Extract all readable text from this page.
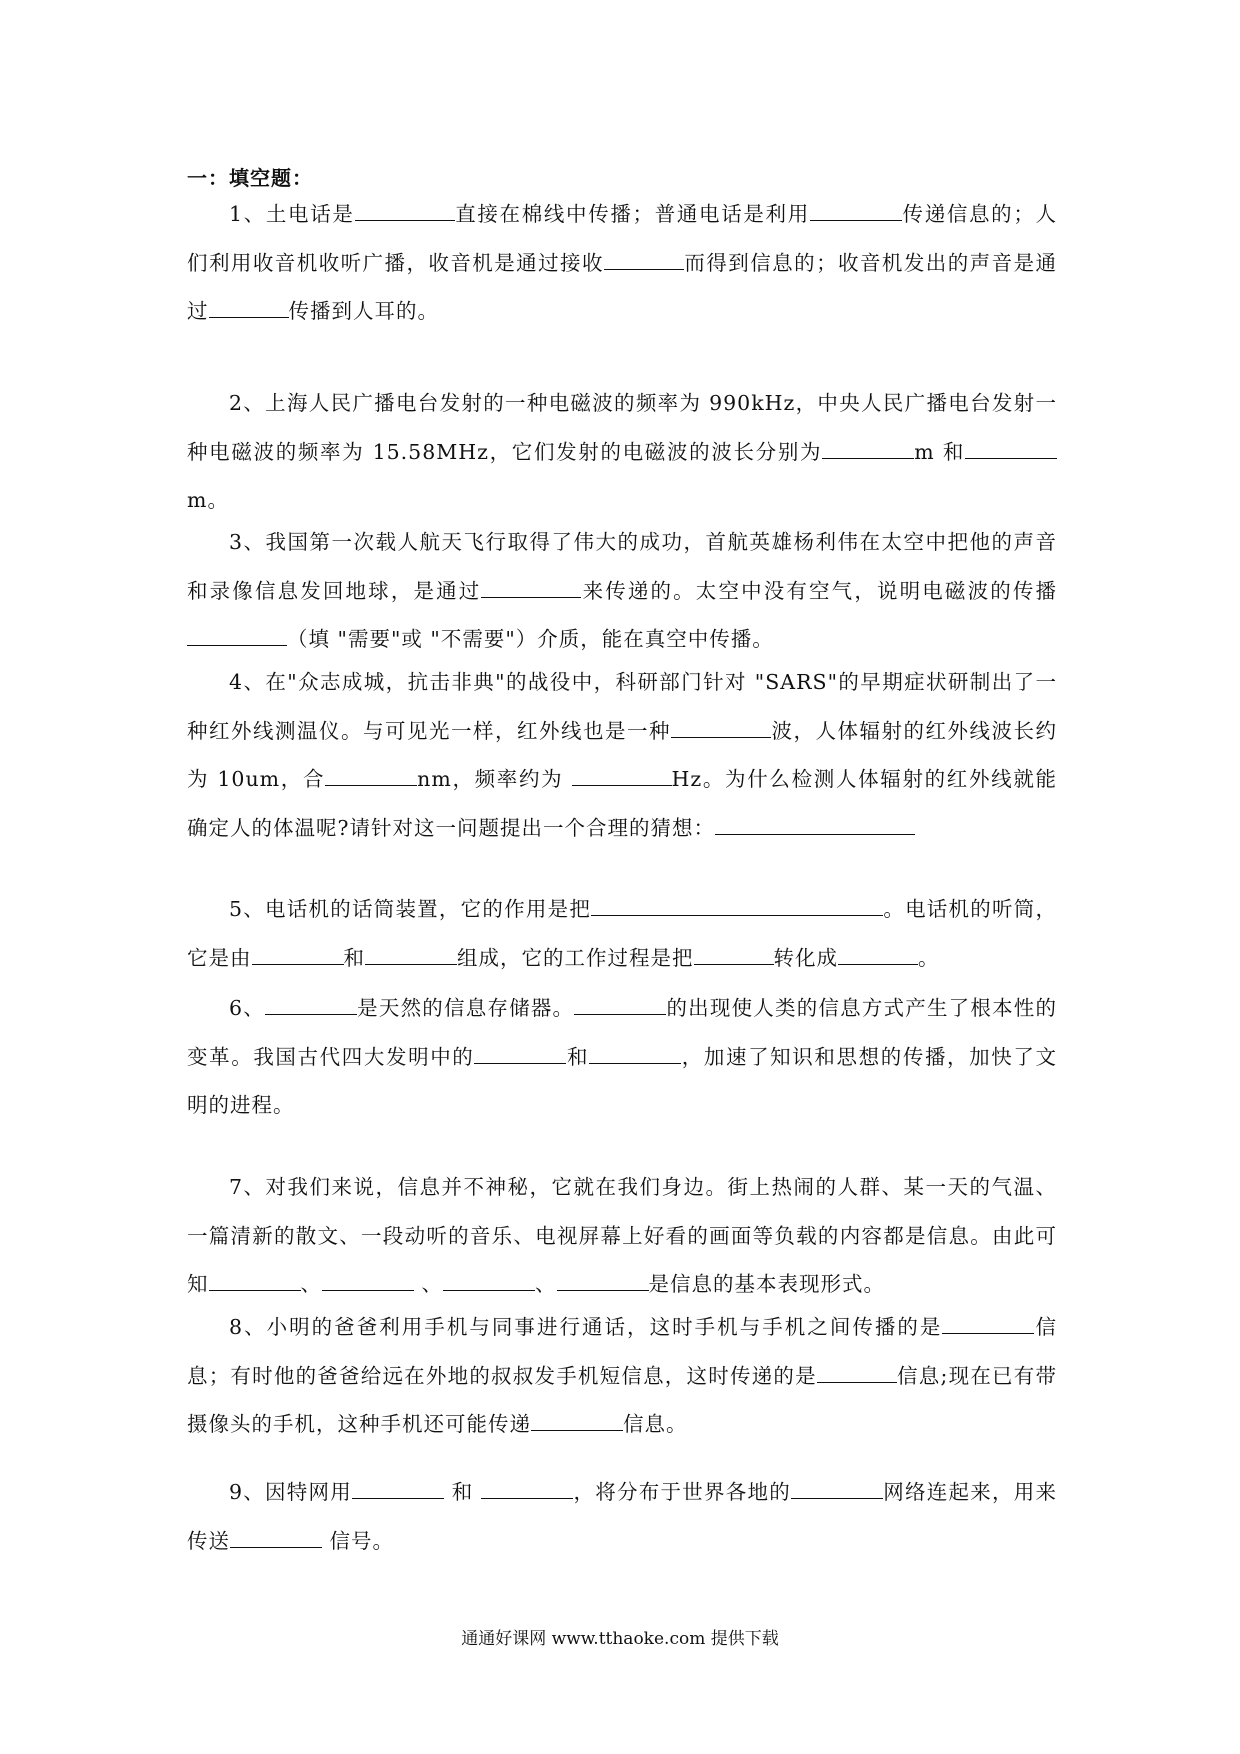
一：填空题：

1、土电话是	直接在棉线中传播；普通电话是利用	传递信息的；人们利用收音机收听广播，收音机是通过接收	而得到信息的；收音机发出的声音是通过	传播到人耳的。

2、上海人民广播电台发射的一种电磁波的频率为 990kHz，中央人民广播电台发射一种电磁波的频率为 15.58MHz，它们发射的电磁波的波长分别为	m 和m。

3、我国第一次载人航天飞行取得了伟大的成功，首航英雄杨利伟在太空中把他的声音和录像信息发回地球，是通过	来传递的。太空中没有空气，说明电磁波的传播（填 "需要"或 "不需要"）介质，能在真空中传播。

4、在"众志成城，抗击非典"的战役中，科研部门针对 "SARS"的早期症状研制出了一种红外线测温仪。与可见光一样，红外线也是一种	波，人体辐射的红外线波长约为 10um，合	nm，频率约为	Hz。为什么检测人体辐射的红外线就能确定人的体温呢?请针对这一问题提出一个合理的猜想：

5、电话机的话筒装置，它的作用是把	。电话机的听筒，它是由	和	组成，它的工作过程是把	转化成	。

6、	是天然的信息存储器。	的出现使人类的信息方式产生了根本性的变革。我国古代四大发明中的	和	，加速了知识和思想的传播，加快了文明的进程。

7、对我们来说，信息并不神秘，它就在我们身边。街上热闹的人群、某一天的气温、一篇清新的散文、一段动听的音乐、电视屏幕上好看的画面等负载的内容都是信息。由此可知	、	、	、	是信息的基本表现形式。

8、小明的爸爸利用手机与同事进行通话，这时手机与手机之间传播的是	信息；有时他的爸爸给远在外地的叔叔发手机短信息，这时传递的是	信息;现在已有带摄像头的手机，这种手机还可能传递	信息。

9、因特网用	和	，将分布于世界各地的	网络连起来，用来传送	信号。

通通好课网 www.tthaoke.com 提供下载
